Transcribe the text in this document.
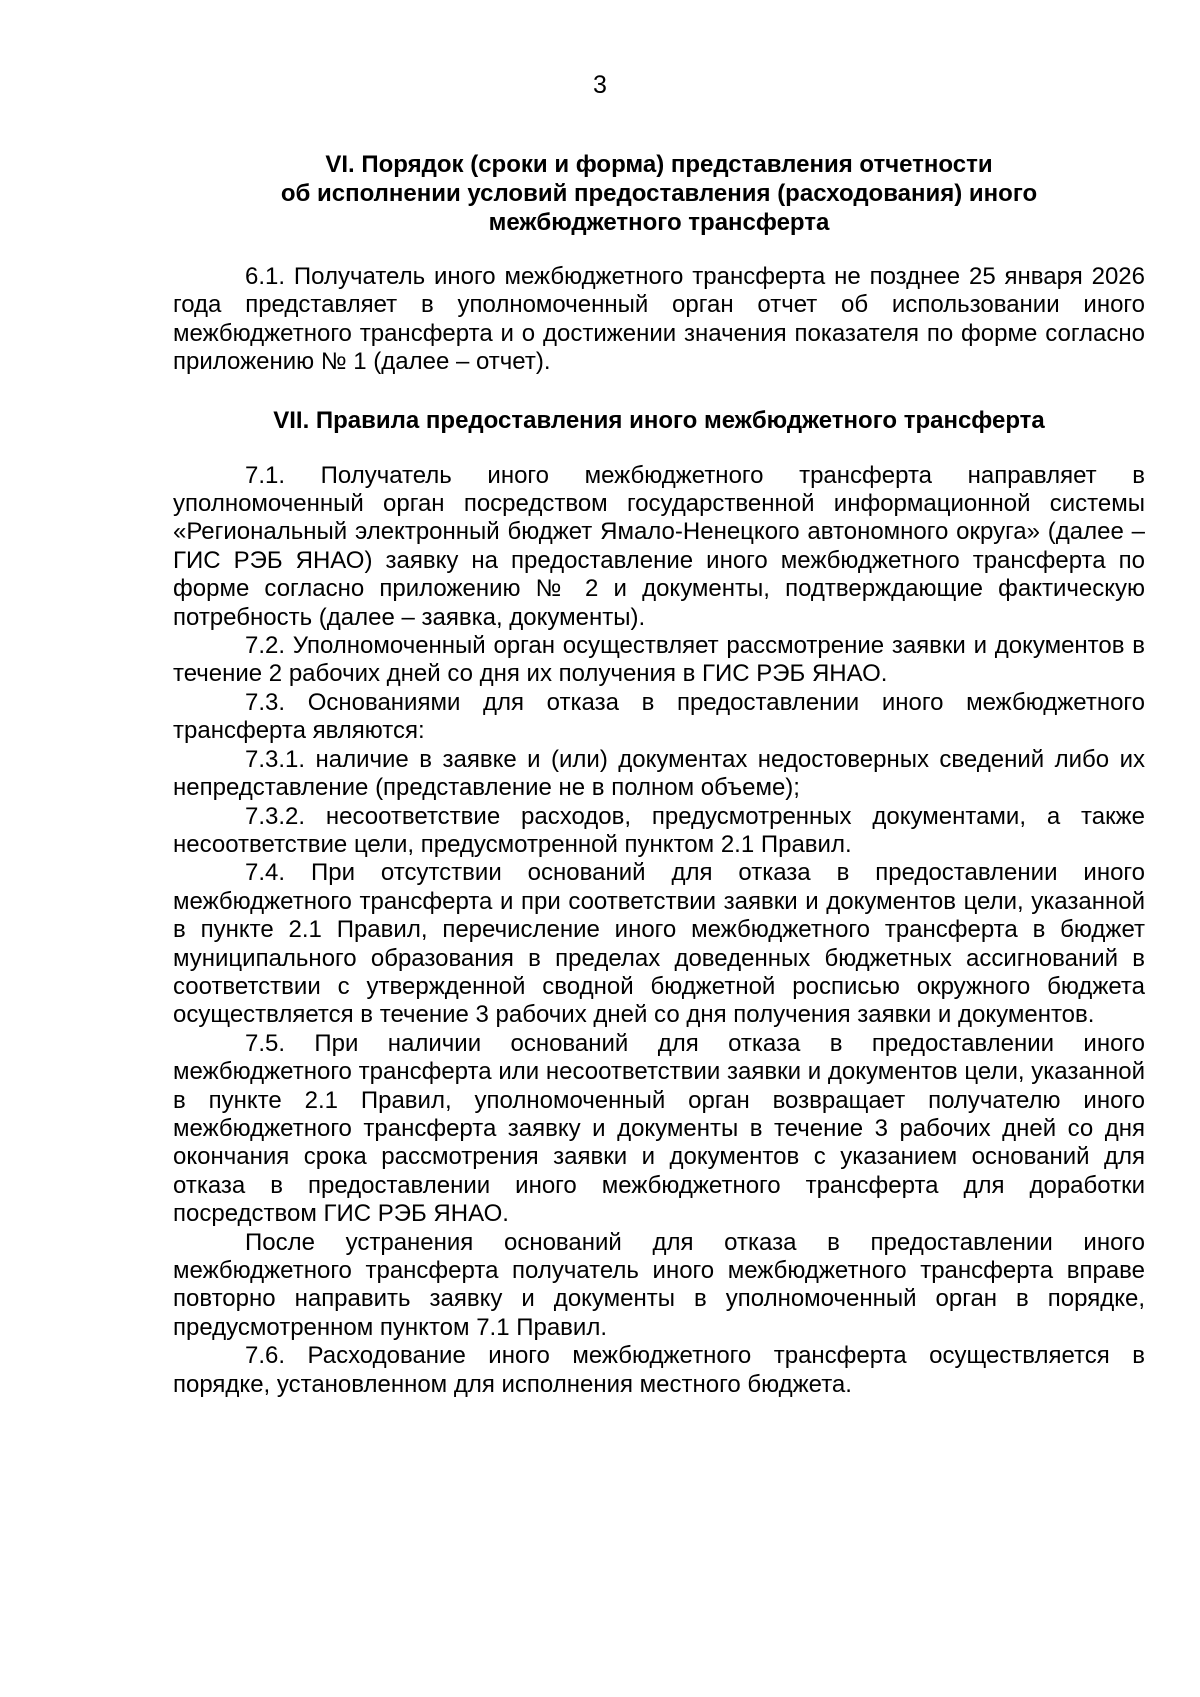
3
VI. Порядок (сроки и форма) представления отчетности
об исполнении условий предоставления (расходования) иного
межбюджетного трансферта

6.1. Получатель иного межбюджетного трансферта не позднее 25 января 2026 года представляет в уполномоченный орган отчет об использовании иного межбюджетного трансферта и о достижении значения показателя по форме согласно приложению № 1 (далее – отчет).

VII. Правила предоставления иного межбюджетного трансферта

7.1. Получатель иного межбюджетного трансферта направляет в уполномоченный орган посредством государственной информационной системы «Региональный электронный бюджет Ямало-Ненецкого автономного округа» (далее – ГИС РЭБ ЯНАО) заявку на предоставление иного межбюджетного трансферта по форме согласно приложению № 2 и документы, подтверждающие фактическую потребность (далее – заявка, документы).

7.2. Уполномоченный орган осуществляет рассмотрение заявки и документов в течение 2 рабочих дней со дня их получения в ГИС РЭБ ЯНАО.

7.3. Основаниями для отказа в предоставлении иного межбюджетного трансферта являются:

7.3.1. наличие в заявке и (или) документах недостоверных сведений либо их непредставление (представление не в полном объеме);

7.3.2. несоответствие расходов, предусмотренных документами, а также несоответствие цели, предусмотренной пунктом 2.1 Правил.

7.4. При отсутствии оснований для отказа в предоставлении иного межбюджетного трансферта и при соответствии заявки и документов цели, указанной в пункте 2.1 Правил, перечисление иного межбюджетного трансферта в бюджет муниципального образования в пределах доведенных бюджетных ассигнований в соответствии с утвержденной сводной бюджетной росписью окружного бюджета осуществляется в течение 3 рабочих дней со дня получения заявки и документов.

7.5. При наличии оснований для отказа в предоставлении иного межбюджетного трансферта или несоответствии заявки и документов цели, указанной в пункте 2.1 Правил, уполномоченный орган возвращает получателю иного межбюджетного трансферта заявку и документы в течение 3 рабочих дней со дня окончания срока рассмотрения заявки и документов с указанием оснований для отказа в предоставлении иного межбюджетного трансферта для доработки посредством ГИС РЭБ ЯНАО.

После устранения оснований для отказа в предоставлении иного межбюджетного трансферта получатель иного межбюджетного трансферта вправе повторно направить заявку и документы в уполномоченный орган в порядке, предусмотренном пунктом 7.1 Правил.

7.6. Расходование иного межбюджетного трансферта осуществляется в порядке, установленном для исполнения местного бюджета.
